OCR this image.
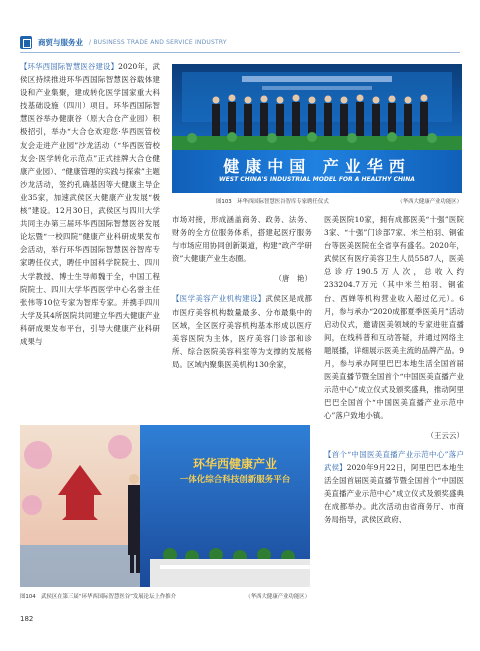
商贸与服务业 / BUSINESS TRADE AND SERVICE INDUSTRY

【环华西国际智慧医谷建设】2020年，武侯区持续推进环华西国际智慧医谷载体建设和产业集聚，建成转化医学国家重大科技基础设施（四川）项目。环华西国际智慧医谷举办健康谷（原大合仓产业园）积极招引，举办“大合仓欢迎您·华西医管校友会走进产业园”沙龙活动（“华西医管校友会·医学转化示范点”正式挂牌大合仓健康产业园）、“健康管理的实践与探索”主题沙龙活动，签约孔确基因等大健康主导企业35家，加速武侯区大健康产业发展“极核”建设。12月30日，武侯区与四川大学共同主办第三届环华西国际智慧医谷发展论坛暨“一校四院”健康产业科研成果发布会活动，举行环华西国际智慧医谷智库专家聘任仪式，聘任中国科学院院士、四川大学教授、博士生导师魏于全，中国工程院院士、四川大学华西医学中心名誉主任张伟等10位专家为智库专家。并携手四川大学及其4所医院共同建立华西大健康产业科研成果发布平台，引导大健康产业科研成果与

健康中国 产业华西
WEST CHINA'S INDUSTRIAL MODEL FOR A HEALTHY CHINA
图103　环华西国际智慧医谷智库专家聘任仪式	（华西大健康产业功能区）

市场对接，形成涵盖商务、政务、法务、财务的全方位服务体系，搭建起医疗服务与市场应用协同创新渠道，构建“政产学研资”大健康产业生态圈。

（唐　艳）

【医学美容产业机构建设】武侯区是成都市医疗美容机构数量最多、分布最集中的区域，全区医疗美容机构基本形成以医疗美容医院为主体，医疗美容门诊部和诊所、综合医院美容科室等为支撑的发展格局。区域内聚集医美机构130余家，

医美医院10家，拥有成都医美“十强”医院3家、“十强”门诊部7家、米兰柏羽、铜雀台等医美医院在全省享有盛名。2020年，武侯区有医疗美容卫生人员5587人，医美总诊疗190.5万人次，总收入约233204.7万元（其中米兰柏羽、铜雀台、西婵等机构营业收入超过亿元）。6月，参与承办“2020成都夏季医美月”活动启动仪式，邀请医美领域的专家进驻直播间，在线科普和互动答疑，并通过网络主题展播，详细展示医美主流的品牌产品。9月，参与承办阿里巴巴本地生活全国首届医美直播节暨全国首个“中国医美直播产业示范中心”成立仪式及颁奖盛典，推动阿里巴巴全国首个“中国医美直播产业示范中心”落户致地小镇。

（王云云）

【首个“中国医美直播产业示范中心”落户武侯】2020年9月22日，阿里巴巴本地生活全国首届医美直播节暨全国首个“中国医美直播产业示范中心”成立仪式及颁奖盛典在成都举办。此次活动由省商务厅、市商务局指导，武侯区政府、

环华西健康产业
一体化综合科技创新服务平台
图104　武侯区在第三届“环华西国际智慧医谷”发展论坛上作推介	（华西大健康产业功能区）
182
